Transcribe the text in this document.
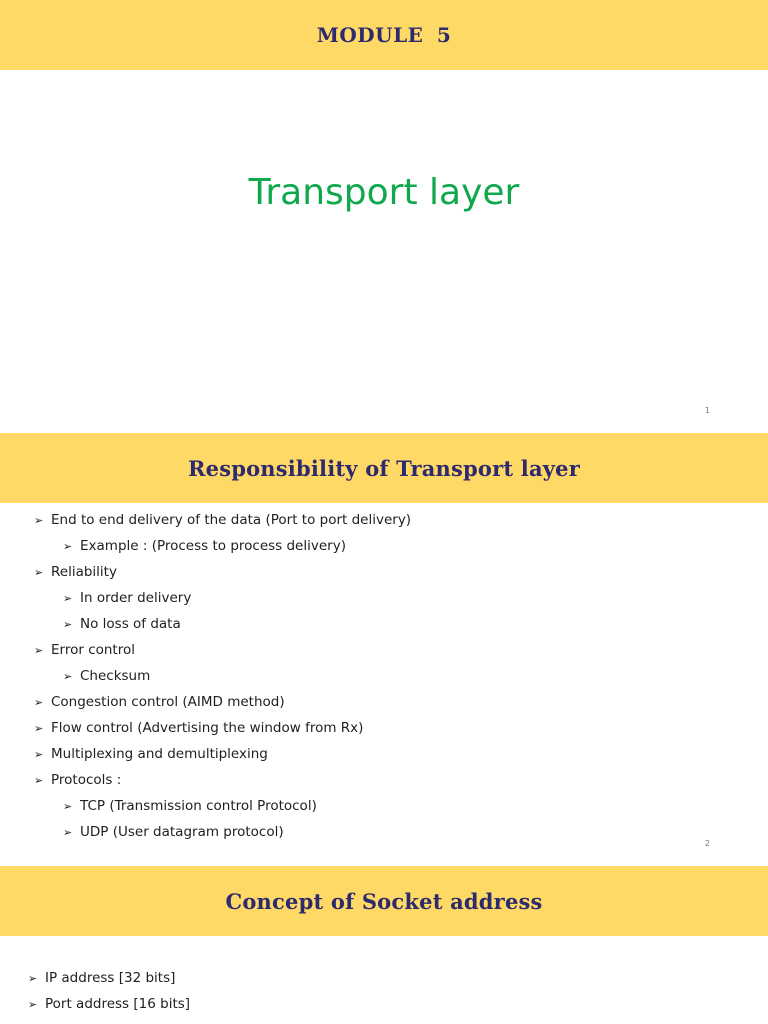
MODULE 5
Transport layer
1
Responsibility of Transport layer
➢ End to end delivery of the data (Port to port delivery)
➢ Example : (Process to process delivery)
➢ Reliability
➢ In order delivery
➢ No loss of data
➢ Error control
➢ Checksum
➢ Congestion control (AIMD method)
➢ Flow control (Advertising the window from Rx)
➢ Multiplexing and demultiplexing
➢ Protocols :
➢ TCP (Transmission control Protocol)
➢ UDP (User datagram protocol)
2
Concept of Socket address
➢ IP address [32 bits]
➢ Port address [16 bits]
